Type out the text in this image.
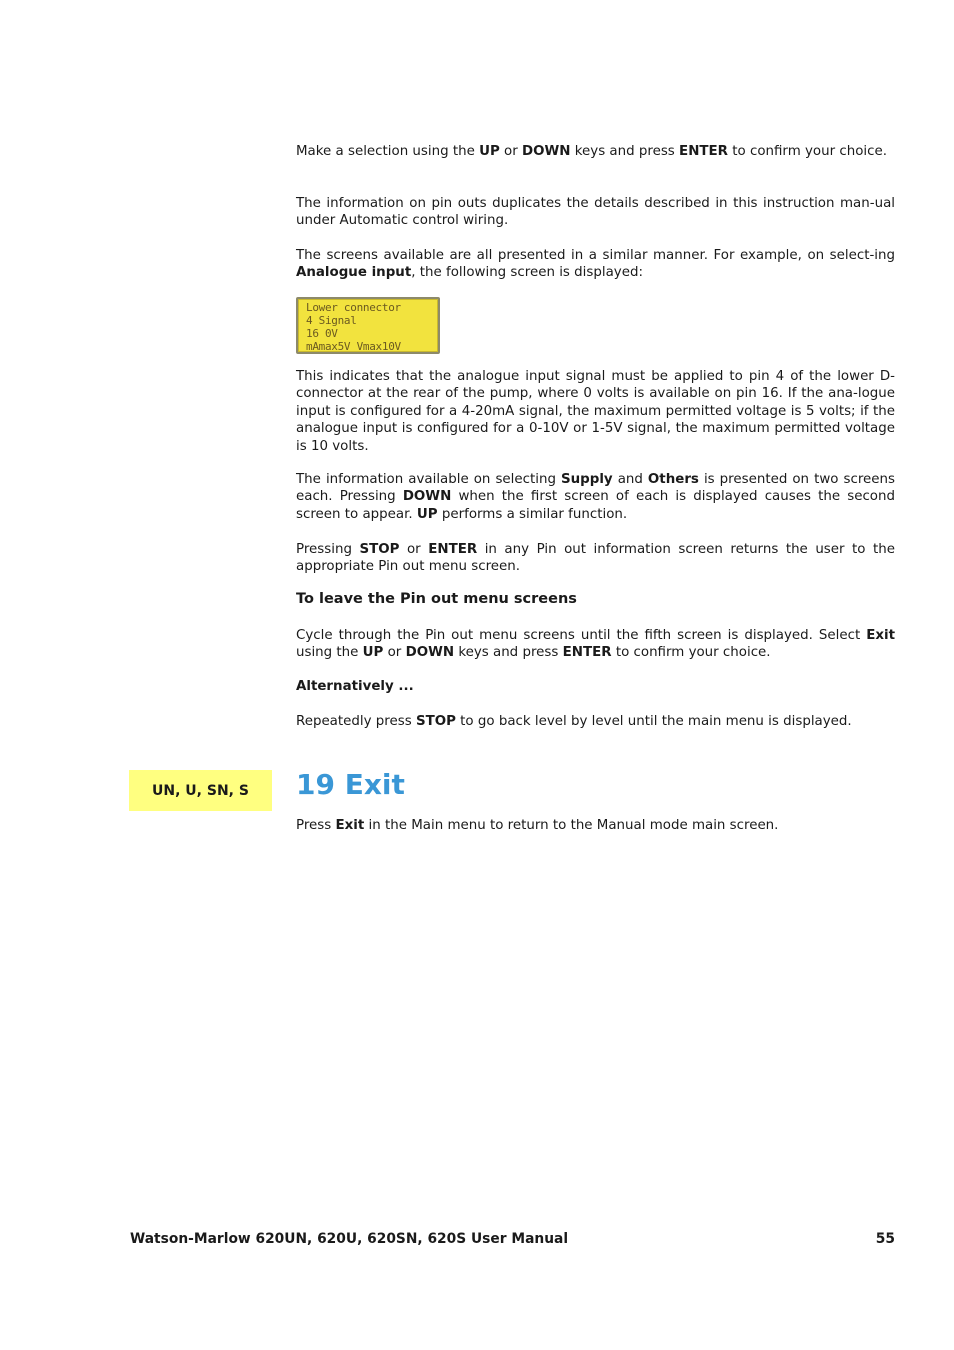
Make a selection using the UP or DOWN keys and press ENTER to confirm your choice.

The information on pin outs duplicates the details described in this instruction man-ual under Automatic control wiring.

The screens available are all presented in a similar manner. For example, on select-ing Analogue input, the following screen is displayed:

Lower connector
4 Signal
16 0V
mAmax5V Vmax10V

This indicates that the analogue input signal must be applied to pin 4 of the lower D-connector at the rear of the pump, where 0 volts is available on pin 16. If the ana-logue input is configured for a 4-20mA signal, the maximum permitted voltage is 5 volts; if the analogue input is configured for a 0-10V or 1-5V signal, the maximum permitted voltage is 10 volts.

The information available on selecting Supply and Others is presented on two screens each. Pressing DOWN when the first screen of each is displayed causes the second screen to appear. UP performs a similar function.

Pressing STOP or ENTER in any Pin out information screen returns the user to the appropriate Pin out menu screen.

To leave the Pin out menu screens

Cycle through the Pin out menu screens until the fifth screen is displayed. Select Exit using the UP or DOWN keys and press ENTER to confirm your choice.

Alternatively ...

Repeatedly press STOP to go back level by level until the main menu is displayed.

UN, U, SN, S	19 Exit

Press Exit in the Main menu to return to the Manual mode main screen.

Watson-Marlow 620UN, 620U, 620SN, 620S User Manual	55
